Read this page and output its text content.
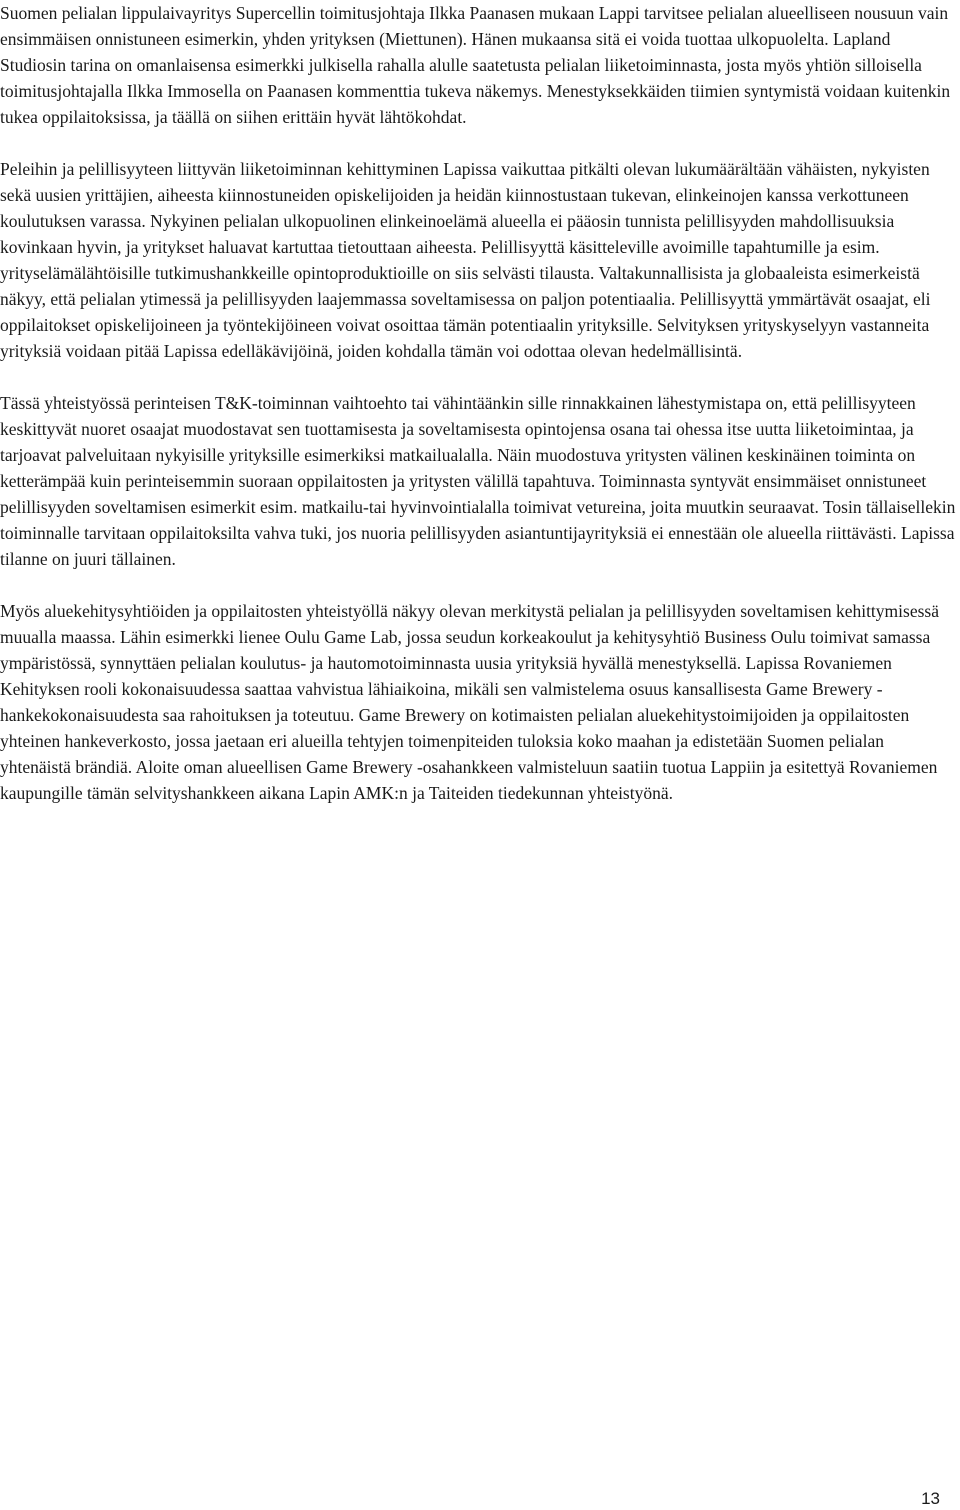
Suomen pelialan lippulaivayritys Supercellin toimitusjohtaja Ilkka Paanasen mukaan Lappi tarvitsee pelialan alueelliseen nousuun vain ensimmäisen onnistuneen esimerkin, yhden yrityksen (Miettunen). Hänen mukaansa sitä ei voida tuottaa ulkopuolelta. Lapland Studiosin tarina on omanlaisensa esimerkki julkisella rahalla alulle saatetusta pelialan liiketoiminnasta, josta myös yhtiön silloisella toimitusjohtajalla Ilkka Immosella on Paanasen kommenttia tukeva näkemys. Menestyksekkäiden tiimien syntymistä voidaan kuitenkin tukea oppilaitoksissa, ja täällä on siihen erittäin hyvät lähtökohdat.

Peleihin ja pelillisyyteen liittyvän liiketoiminnan kehittyminen Lapissa vaikuttaa pitkälti olevan lukumäärältään vähäisten, nykyisten sekä uusien yrittäjien, aiheesta kiinnostuneiden opiskelijoiden ja heidän kiinnostustaan tukevan, elinkeinojen kanssa verkottuneen koulutuksen varassa. Nykyinen pelialan ulkopuolinen elinkeinoelämä alueella ei pääosin tunnista pelillisyyden mahdollisuuksia kovinkaan hyvin, ja yritykset haluavat kartuttaa tietouttaan aiheesta. Pelillisyyttä käsitteleville avoimille tapahtumille ja esim. yrityselämälähtöisille tutkimushankkeille opintoproduktioille on siis selvästi tilausta. Valtakunnallisista ja globaaleista esimerkeistä näkyy, että pelialan ytimessä ja pelillisyyden laajemmassa soveltamisessa on paljon potentiaalia. Pelillisyyttä ymmärtävät osaajat, eli oppilaitokset opiskelijoineen ja työntekijöineen voivat osoittaa tämän potentiaalin yrityksille. Selvityksen yrityskyselyyn vastanneita yrityksiä voidaan pitää Lapissa edelläkävijöinä, joiden kohdalla tämän voi odottaa olevan hedelmällisintä.

Tässä yhteistyössä perinteisen T&K-toiminnan vaihtoehto tai vähintäänkin sille rinnakkainen lähestymistapa on, että pelillisyyteen keskittyvät nuoret osaajat muodostavat sen tuottamisesta ja soveltamisesta opintojensa osana tai ohessa itse uutta liiketoimintaa, ja tarjoavat palveluitaan nykyisille yrityksille esimerkiksi matkailualalla. Näin muodostuva yritysten välinen keskinäinen toiminta on ketterämpää kuin perinteisemmin suoraan oppilaitosten ja yritysten välillä tapahtuva. Toiminnasta syntyvät ensimmäiset onnistuneet pelillisyyden soveltamisen esimerkit esim. matkailu-tai hyvinvointialalla toimivat vetureina, joita muutkin seuraavat. Tosin tällaisellekin toiminnalle tarvitaan oppilaitoksilta vahva tuki, jos nuoria pelillisyyden asiantuntijayrityksiä ei ennestään ole alueella riittävästi. Lapissa tilanne on juuri tällainen.

Myös aluekehitysyhtiöiden ja oppilaitosten yhteistyöllä näkyy olevan merkitystä pelialan ja pelillisyyden soveltamisen kehittymisessä muualla maassa. Lähin esimerkki lienee Oulu Game Lab, jossa seudun korkeakoulut ja kehitysyhtiö Business Oulu toimivat samassa ympäristössä, synnyttäen pelialan koulutus- ja hautomotoiminnasta uusia yrityksiä hyvällä menestyksellä. Lapissa Rovaniemen Kehityksen rooli kokonaisuudessa saattaa vahvistua lähiaikoina, mikäli sen valmistelema osuus kansallisesta Game Brewery -hankekokonaisuudesta saa rahoituksen ja toteutuu. Game Brewery on kotimaisten pelialan aluekehitystoimijoiden ja oppilaitosten yhteinen hankeverkosto, jossa jaetaan eri alueilla tehtyjen toimenpiteiden tuloksia koko maahan ja edistetään Suomen pelialan yhtenäistä brändiä. Aloite oman alueellisen Game Brewery -osahankkeen valmisteluun saatiin tuotua Lappiin ja esitettyä Rovaniemen kaupungille tämän selvityshankkeen aikana Lapin AMK:n ja Taiteiden tiedekunnan yhteistyönä.

13
